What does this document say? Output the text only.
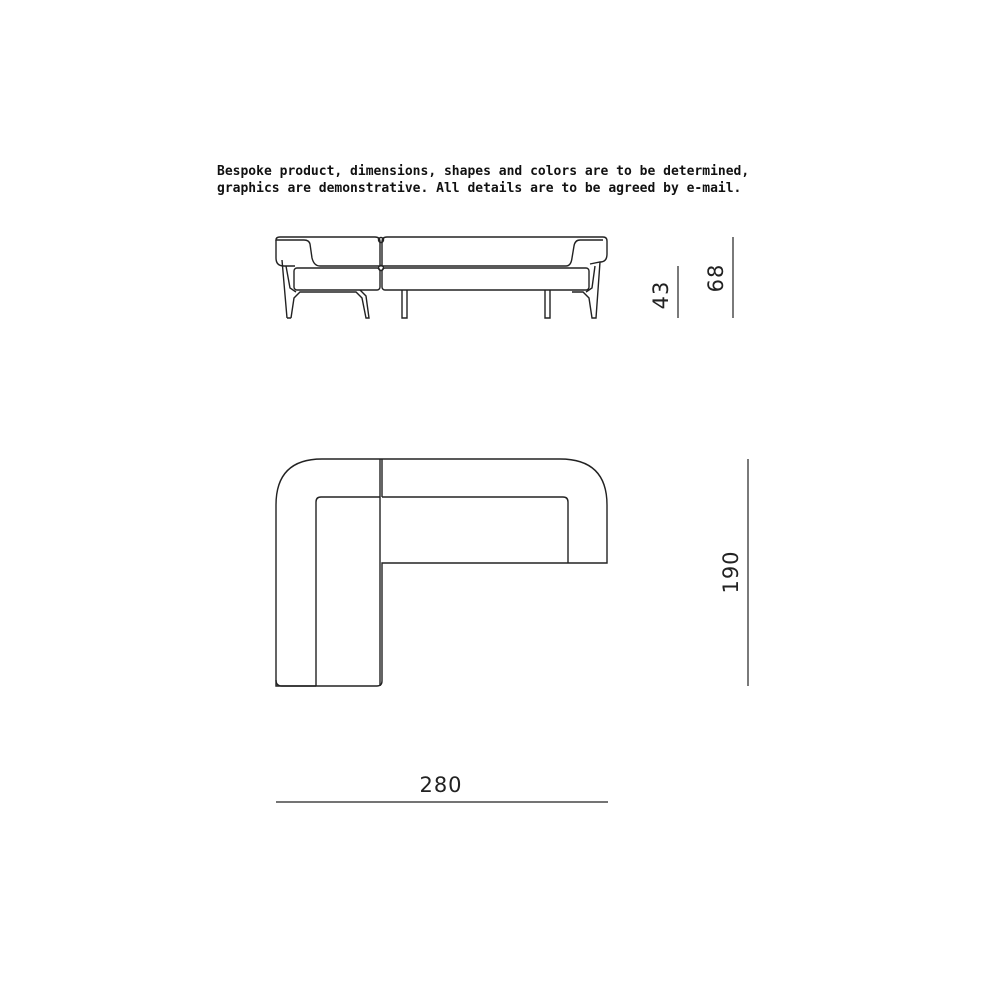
Bespoke product, dimensions, shapes and colors are to be determined,
graphics are demonstrative. All details are to be agreed by e-mail.
43
68
190
280
